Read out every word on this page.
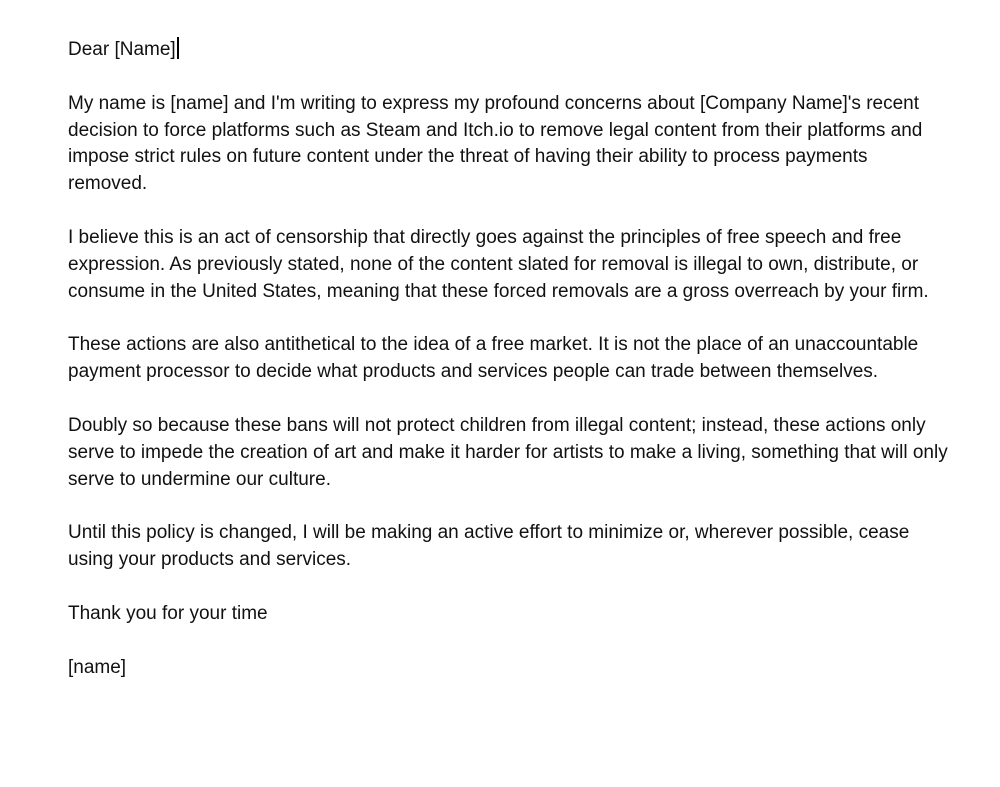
Dear [Name]

My name is [name] and I'm writing to express my profound concerns about [Company Name]'s recent decision to force platforms such as Steam and Itch.io to remove legal content from their platforms and impose strict rules on future content under the threat of having their ability to process payments removed.

I believe this is an act of censorship that directly goes against the principles of free speech and free expression. As previously stated, none of the content slated for removal is illegal to own, distribute, or consume in the United States, meaning that these forced removals are a gross overreach by your firm.

These actions are also antithetical to the idea of a free market. It is not the place of an unaccountable payment processor to decide what products and services people can trade between themselves.

Doubly so because these bans will not protect children from illegal content; instead, these actions only serve to impede the creation of art and make it harder for artists to make a living, something that will only serve to undermine our culture.

Until this policy is changed, I will be making an active effort to minimize or, wherever possible, cease using your products and services.

Thank you for your time

[name]
